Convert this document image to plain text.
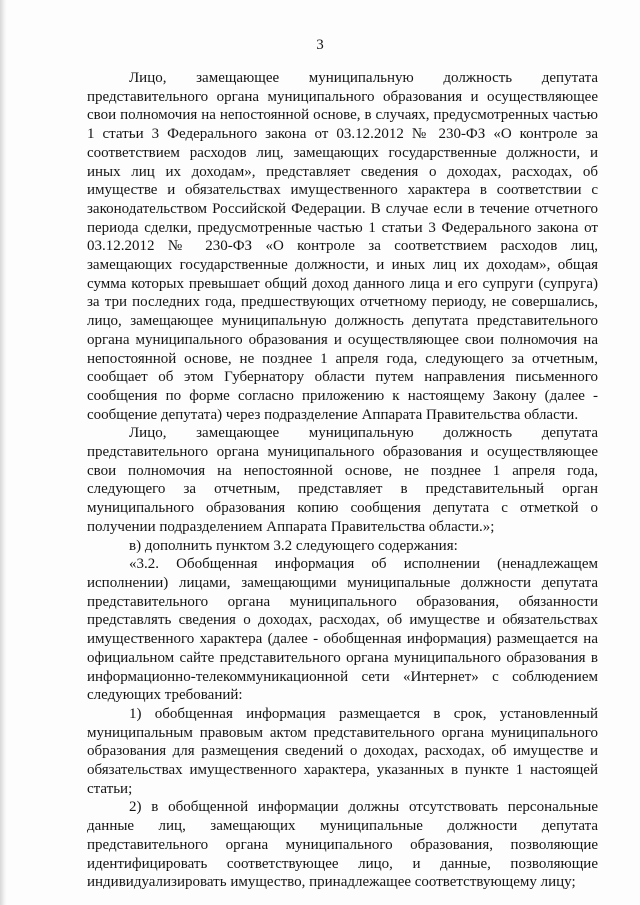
3

Лицо, замещающее муниципальную должность депутата представительного органа муниципального образования и осуществляющее свои полномочия на непостоянной основе, в случаях, предусмотренных частью 1 статьи 3 Федерального закона от 03.12.2012 № 230-ФЗ «О контроле за соответствием расходов лиц, замещающих государственные должности, и иных лиц их доходам», представляет сведения о доходах, расходах, об имуществе и обязательствах имущественного характера в соответствии с законодательством Российской Федерации. В случае если в течение отчетного периода сделки, предусмотренные частью 1 статьи 3 Федерального закона от 03.12.2012 № 230-ФЗ «О контроле за соответствием расходов лиц, замещающих государственные должности, и иных лиц их доходам», общая сумма которых превышает общий доход данного лица и его супруги (супруга) за три последних года, предшествующих отчетному периоду, не совершались, лицо, замещающее муниципальную должность депутата представительного органа муниципального образования и осуществляющее свои полномочия на непостоянной основе, не позднее 1 апреля года, следующего за отчетным, сообщает об этом Губернатору области путем направления письменного сообщения по форме согласно приложению к настоящему Закону (далее - сообщение депутата) через подразделение Аппарата Правительства области.

Лицо, замещающее муниципальную должность депутата представительного органа муниципального образования и осуществляющее свои полномочия на непостоянной основе, не позднее 1 апреля года, следующего за отчетным, представляет в представительный орган муниципального образования копию сообщения депутата с отметкой о получении подразделением Аппарата Правительства области.»;

в) дополнить пунктом 3.2 следующего содержания:

«3.2. Обобщенная информация об исполнении (ненадлежащем исполнении) лицами, замещающими муниципальные должности депутата представительного органа муниципального образования, обязанности представлять сведения о доходах, расходах, об имуществе и обязательствах имущественного характера (далее - обобщенная информация) размещается на официальном сайте представительного органа муниципального образования в информационно-телекоммуникационной сети «Интернет» с соблюдением следующих требований:

1) обобщенная информация размещается в срок, установленный муниципальным правовым актом представительного органа муниципального образования для размещения сведений о доходах, расходах, об имуществе и обязательствах имущественного характера, указанных в пункте 1 настоящей статьи;

2) в обобщенной информации должны отсутствовать персональные данные лиц, замещающих муниципальные должности депутата представительного органа муниципального образования, позволяющие идентифицировать соответствующее лицо, и данные, позволяющие индивидуализировать имущество, принадлежащее соответствующему лицу;
